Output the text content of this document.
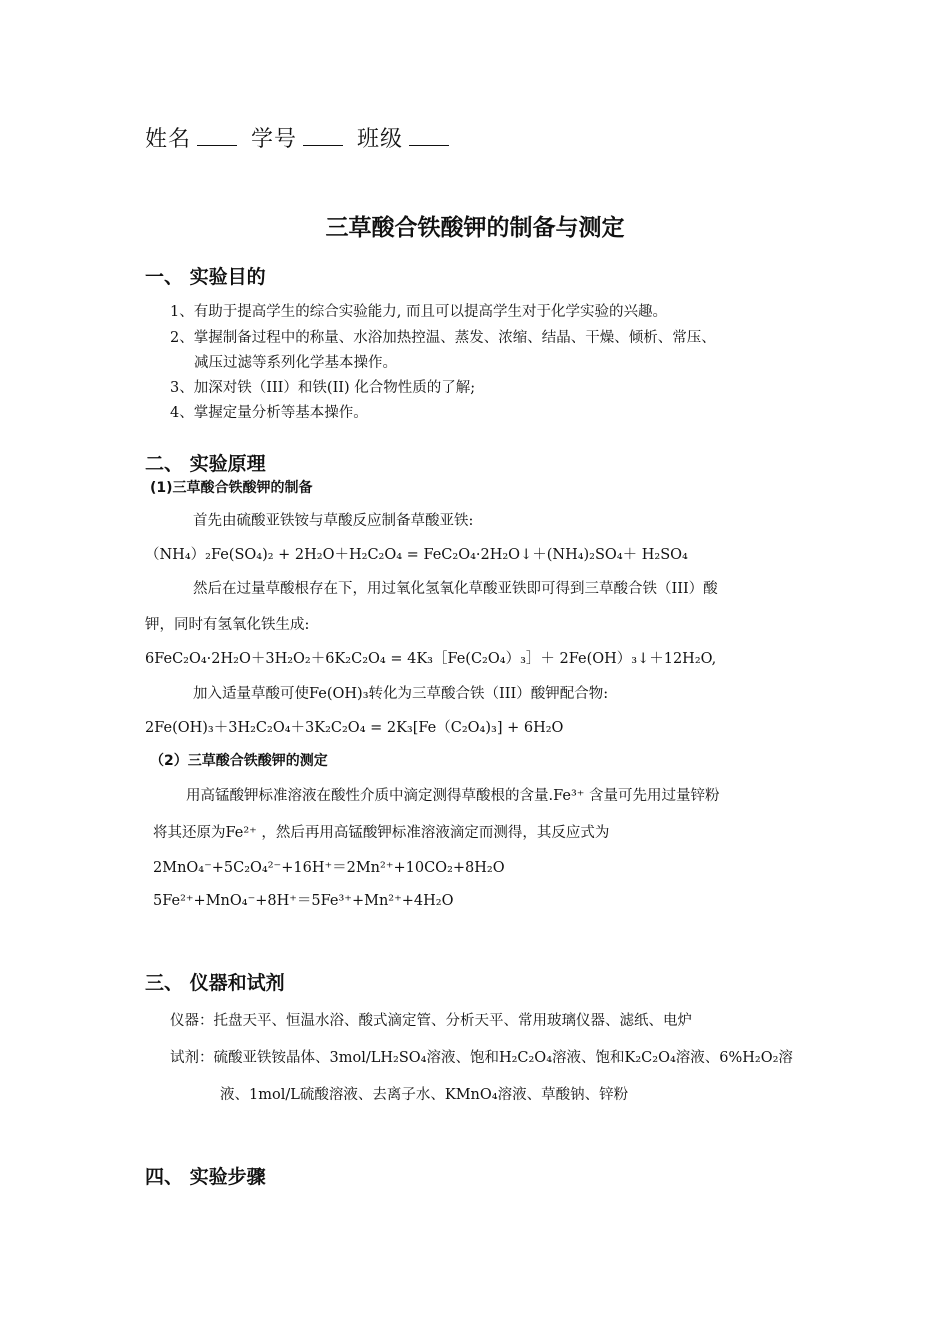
姓名	学号	班级
三草酸合铁酸钾的制备与测定
一、 实验目的
1、有助于提高学生的综合实验能力, 而且可以提高学生对于化学实验的兴趣。
2、掌握制备过程中的称量、水浴加热控温、蒸发、浓缩、结晶、干燥、倾析、常压、
减压过滤等系列化学基本操作。
3、加深对铁（III）和铁(II) 化合物性质的了解;
4、掌握定量分析等基本操作。
二、 实验原理
(1)三草酸合铁酸钾的制备
首先由硫酸亚铁铵与草酸反应制备草酸亚铁:
（NH₄）₂Fe(SO₄)₂ + 2H₂O＋H₂C₂O₄ = FeC₂O₄·2H₂O↓＋(NH₄)₂SO₄＋ H₂SO₄
然后在过量草酸根存在下，用过氧化氢氧化草酸亚铁即可得到三草酸合铁（III）酸
钾，同时有氢氧化铁生成:
6FeC₂O₄·2H₂O＋3H₂O₂＋6K₂C₂O₄ = 4K₃［Fe(C₂O₄）₃］＋ 2Fe(OH）₃↓＋12H₂O,
加入适量草酸可使Fe(OH)₃转化为三草酸合铁（III）酸钾配合物:
2Fe(OH)₃＋3H₂C₂O₄＋3K₂C₂O₄ = 2K₃[Fe（C₂O₄)₃] + 6H₂O
（2）三草酸合铁酸钾的测定
用高锰酸钾标准溶液在酸性介质中滴定测得草酸根的含量.Fe³⁺ 含量可先用过量锌粉
将其还原为Fe²⁺ ，然后再用高锰酸钾标准溶液滴定而测得，其反应式为
2MnO₄⁻+5C₂O₄²⁻+16H⁺＝2Mn²⁺+10CO₂+8H₂O
5Fe²⁺+MnO₄⁻+8H⁺＝5Fe³⁺+Mn²⁺+4H₂O
三、 仪器和试剂
仪器：托盘天平、恒温水浴、酸式滴定管、分析天平、常用玻璃仪器、滤纸、电炉
试剂：硫酸亚铁铵晶体、3mol/LH₂SO₄溶液、饱和H₂C₂O₄溶液、饱和K₂C₂O₄溶液、6%H₂O₂溶
液、1mol/L硫酸溶液、去离子水、KMnO₄溶液、草酸钠、锌粉
四、 实验步骤
